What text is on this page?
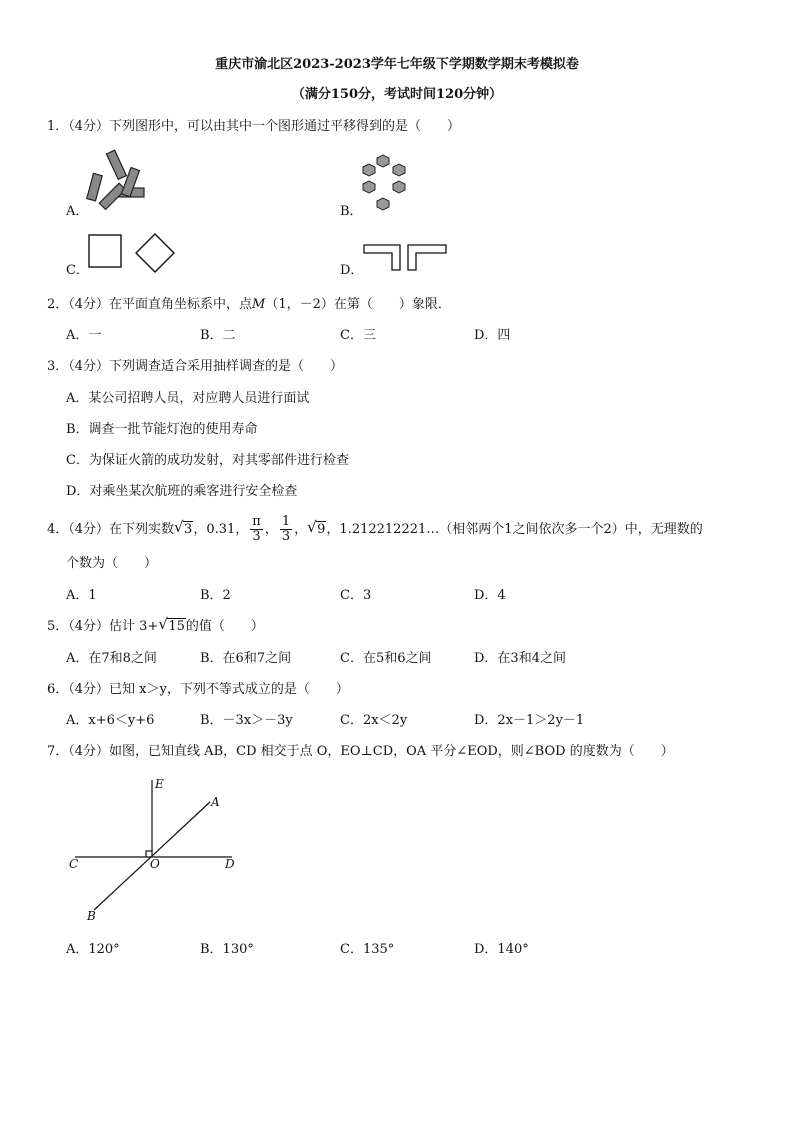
重庆市渝北区2023-2023学年七年级下学期数学期末考模拟卷
（满分150分，考试时间120分钟）
1．（4分）下列图形中，可以由其中一个图形通过平移得到的是（　　）
A．	B．
C．	D．
2．（4分）在平面直角坐标系中，点M（1，－2）在第（　　）象限．
A．一	B．二	C．三	D．四
3．（4分）下列调查适合采用抽样调查的是（　　）
A．某公司招聘人员，对应聘人员进行面试
B．调查一批节能灯泡的使用寿命
C．为保证火箭的成功发射，对其零部件进行检查
D．对乘坐某次航班的乘客进行安全检查
4．（4分）在下列实数 √ 3，0.31， $\frac{\pi}{3}$ ， $\frac{1}{3}$ ， √ 9，1.212212221…（相邻两个1之间依次多一个2）中，无理数的
个数为（　　）
A．1	B．2	C．3	D．4
5．（4分）估计 3+ √ 15的值（　　）
A．在7和8之间	B．在6和7之间	C．在5和6之间	D．在3和4之间
6．（4分）已知 x＞y，下列不等式成立的是（　　）
A．x+6＜y+6	B．－3x＞－3y	C．2x＜2y	D．2x－1＞2y－1
7．（4分）如图，已知直线 AB，CD 相交于点 O，EO⊥CD，OA 平分∠EOD，则∠BOD 的度数为（　　）
E
A
C	O	D
B
A．120°	B．130°	C．135°	D．140°
